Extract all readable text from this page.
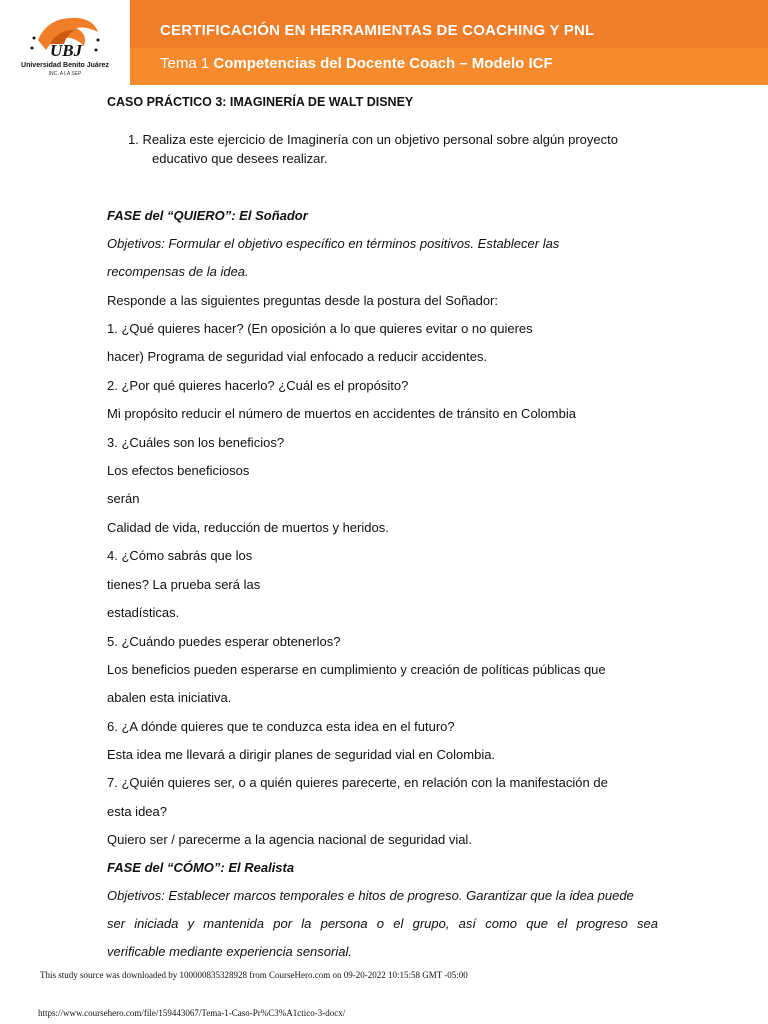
UBJ
Universidad Benito Juárez
INC. A LA SEP
CERTIFICACIÓN EN HERRAMIENTAS DE COACHING Y PNL
Tema 1 Competencias del Docente Coach – Modelo ICF
CASO PRÁCTICO 3: IMAGINERÍA DE WALT DISNEY
1. Realiza este ejercicio de Imaginería con un objetivo personal sobre algún proyecto
educativo que desees realizar.
FASE del “QUIERO”: El Soñador
Objetivos: Formular el objetivo específico en términos positivos. Establecer las
recompensas de la idea.
Responde a las siguientes preguntas desde la postura del Soñador:
1. ¿Qué quieres hacer? (En oposición a lo que quieres evitar o no quieres
hacer) Programa de seguridad vial enfocado a reducir accidentes.
2. ¿Por qué quieres hacerlo? ¿Cuál es el propósito?
Mi propósito reducir el número de muertos en accidentes de tránsito en Colombia
3. ¿Cuáles son los beneficios?
Los efectos beneficiosos
serán
Calidad de vida, reducción de muertos y heridos.
4. ¿Cómo sabrás que los
tienes? La prueba será las
estadísticas.
5. ¿Cuándo puedes esperar obtenerlos?
Los beneficios pueden esperarse en cumplimiento y creación de políticas públicas que
abalen esta iniciativa.
6. ¿A dónde quieres que te conduzca esta idea en el futuro?
Esta idea me llevará a dirigir planes de seguridad vial en Colombia.
7. ¿Quién quieres ser, o a quién quieres parecerte, en relación con la manifestación de
esta idea?
Quiero ser / parecerme a la agencia nacional de seguridad vial.
FASE del “CÓMO”: El Realista
Objetivos: Establecer marcos temporales e hitos de progreso. Garantizar que la idea puede
ser iniciada y mantenida por la persona o el grupo, así como que el progreso sea
verificable mediante experiencia sensorial.
This study source was downloaded by 100000835328928 from CourseHero.com on 09-20-2022 10:15:58 GMT -05:00
https://www.coursehero.com/file/159443067/Tema-1-Caso-Pr%C3%A1ctico-3-docx/
